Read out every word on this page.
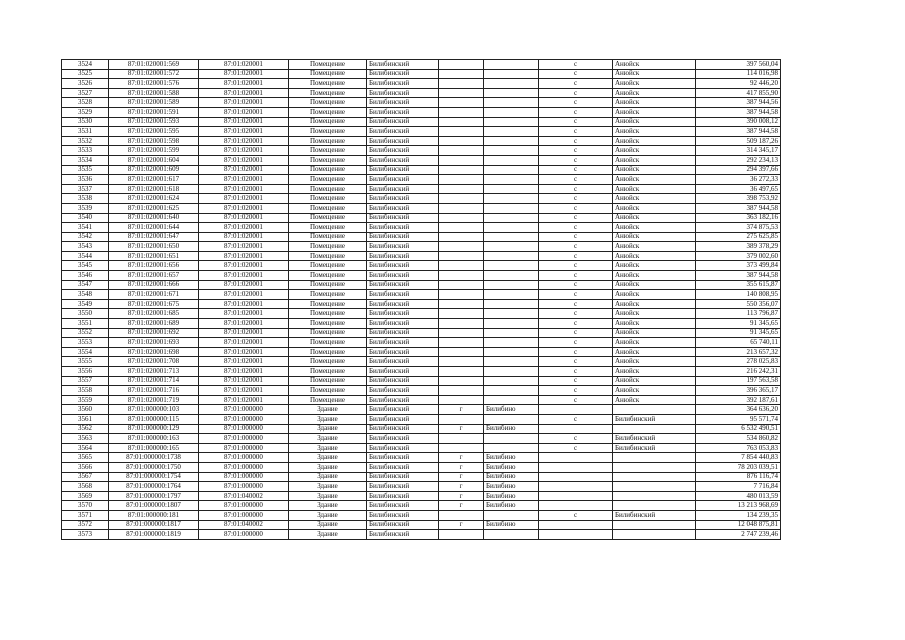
3524	87:01:020001:569	87:01:020001	Помещение	Билибинский			с	Анюйск	397 560,04
3525	87:01:020001:572	87:01:020001	Помещение	Билибинский			с	Анюйск	114 016,98
3526	87:01:020001:576	87:01:020001	Помещение	Билибинский			с	Анюйск	92 446,20
3527	87:01:020001:588	87:01:020001	Помещение	Билибинский			с	Анюйск	417 855,90
3528	87:01:020001:589	87:01:020001	Помещение	Билибинский			с	Анюйск	387 944,56
3529	87:01:020001:591	87:01:020001	Помещение	Билибинский			с	Анюйск	387 944,58
3530	87:01:020001:593	87:01:020001	Помещение	Билибинский			с	Анюйск	390 008,12
3531	87:01:020001:595	87:01:020001	Помещение	Билибинский			с	Анюйск	387 944,58
3532	87:01:020001:598	87:01:020001	Помещение	Билибинский			с	Анюйск	509 187,26
3533	87:01:020001:599	87:01:020001	Помещение	Билибинский			с	Анюйск	314 345,17
3534	87:01:020001:604	87:01:020001	Помещение	Билибинский			с	Анюйск	292 234,13
3535	87:01:020001:609	87:01:020001	Помещение	Билибинский			с	Анюйск	294 397,66
3536	87:01:020001:617	87:01:020001	Помещение	Билибинский			с	Анюйск	36 272,33
3537	87:01:020001:618	87:01:020001	Помещение	Билибинский			с	Анюйск	36 497,65
3538	87:01:020001:624	87:01:020001	Помещение	Билибинский			с	Анюйск	398 753,92
3539	87:01:020001:625	87:01:020001	Помещение	Билибинский			с	Анюйск	387 944,58
3540	87:01:020001:640	87:01:020001	Помещение	Билибинский			с	Анюйск	363 182,16
3541	87:01:020001:644	87:01:020001	Помещение	Билибинский			с	Анюйск	374 875,53
3542	87:01:020001:647	87:01:020001	Помещение	Билибинский			с	Анюйск	275 625,85
3543	87:01:020001:650	87:01:020001	Помещение	Билибинский			с	Анюйск	389 378,29
3544	87:01:020001:651	87:01:020001	Помещение	Билибинский			с	Анюйск	379 002,60
3545	87:01:020001:656	87:01:020001	Помещение	Билибинский			с	Анюйск	373 499,84
3546	87:01:020001:657	87:01:020001	Помещение	Билибинский			с	Анюйск	387 944,58
3547	87:01:020001:666	87:01:020001	Помещение	Билибинский			с	Анюйск	355 615,87
3548	87:01:020001:671	87:01:020001	Помещение	Билибинский			с	Анюйск	140 808,95
3549	87:01:020001:675	87:01:020001	Помещение	Билибинский			с	Анюйск	550 356,07
3550	87:01:020001:685	87:01:020001	Помещение	Билибинский			с	Анюйск	113 796,87
3551	87:01:020001:689	87:01:020001	Помещение	Билибинский			с	Анюйск	91 345,65
3552	87:01:020001:692	87:01:020001	Помещение	Билибинский			с	Анюйск	91 345,65
3553	87:01:020001:693	87:01:020001	Помещение	Билибинский			с	Анюйск	65 740,11
3554	87:01:020001:698	87:01:020001	Помещение	Билибинский			с	Анюйск	213 657,32
3555	87:01:020001:708	87:01:020001	Помещение	Билибинский			с	Анюйск	278 025,83
3556	87:01:020001:713	87:01:020001	Помещение	Билибинский			с	Анюйск	216 242,31
3557	87:01:020001:714	87:01:020001	Помещение	Билибинский			с	Анюйск	197 563,58
3558	87:01:020001:716	87:01:020001	Помещение	Билибинский			с	Анюйск	396 365,17
3559	87:01:020001:719	87:01:020001	Помещение	Билибинский			с	Анюйск	392 187,61
3560	87:01:000000:103	87:01:000000	Здание	Билибинский	г	Билибино			364 636,20
3561	87:01:000000:115	87:01:000000	Здание	Билибинский			с	Билибинский	95 571,74
3562	87:01:000000:129	87:01:000000	Здание	Билибинский	г	Билибино			6 532 490,51
3563	87:01:000000:163	87:01:000000	Здание	Билибинский			с	Билибинский	534 860,82
3564	87:01:000000:165	87:01:000000	Здание	Билибинский			с	Билибинский	763 053,83
3565	87:01:000000:1738	87:01:000000	Здание	Билибинский	г	Билибино			7 854 440,83
3566	87:01:000000:1750	87:01:000000	Здание	Билибинский	г	Билибино			78 203 039,51
3567	87:01:000000:1754	87:01:000000	Здание	Билибинский	г	Билибино			876 116,74
3568	87:01:000000:1764	87:01:000000	Здание	Билибинский	г	Билибино			7 716,84
3569	87:01:000000:1797	87:01:040002	Здание	Билибинский	г	Билибино			480 013,59
3570	87:01:000000:1807	87:01:000000	Здание	Билибинский	г	Билибино			13 213 968,69
3571	87:01:000000:181	87:01:000000	Здание	Билибинский			с	Билибинский	134 239,35
3572	87:01:000000:1817	87:01:040002	Здание	Билибинский	г	Билибино			12 048 875,81
3573	87:01:000000:1819	87:01:000000	Здание	Билибинский					2 747 239,46
